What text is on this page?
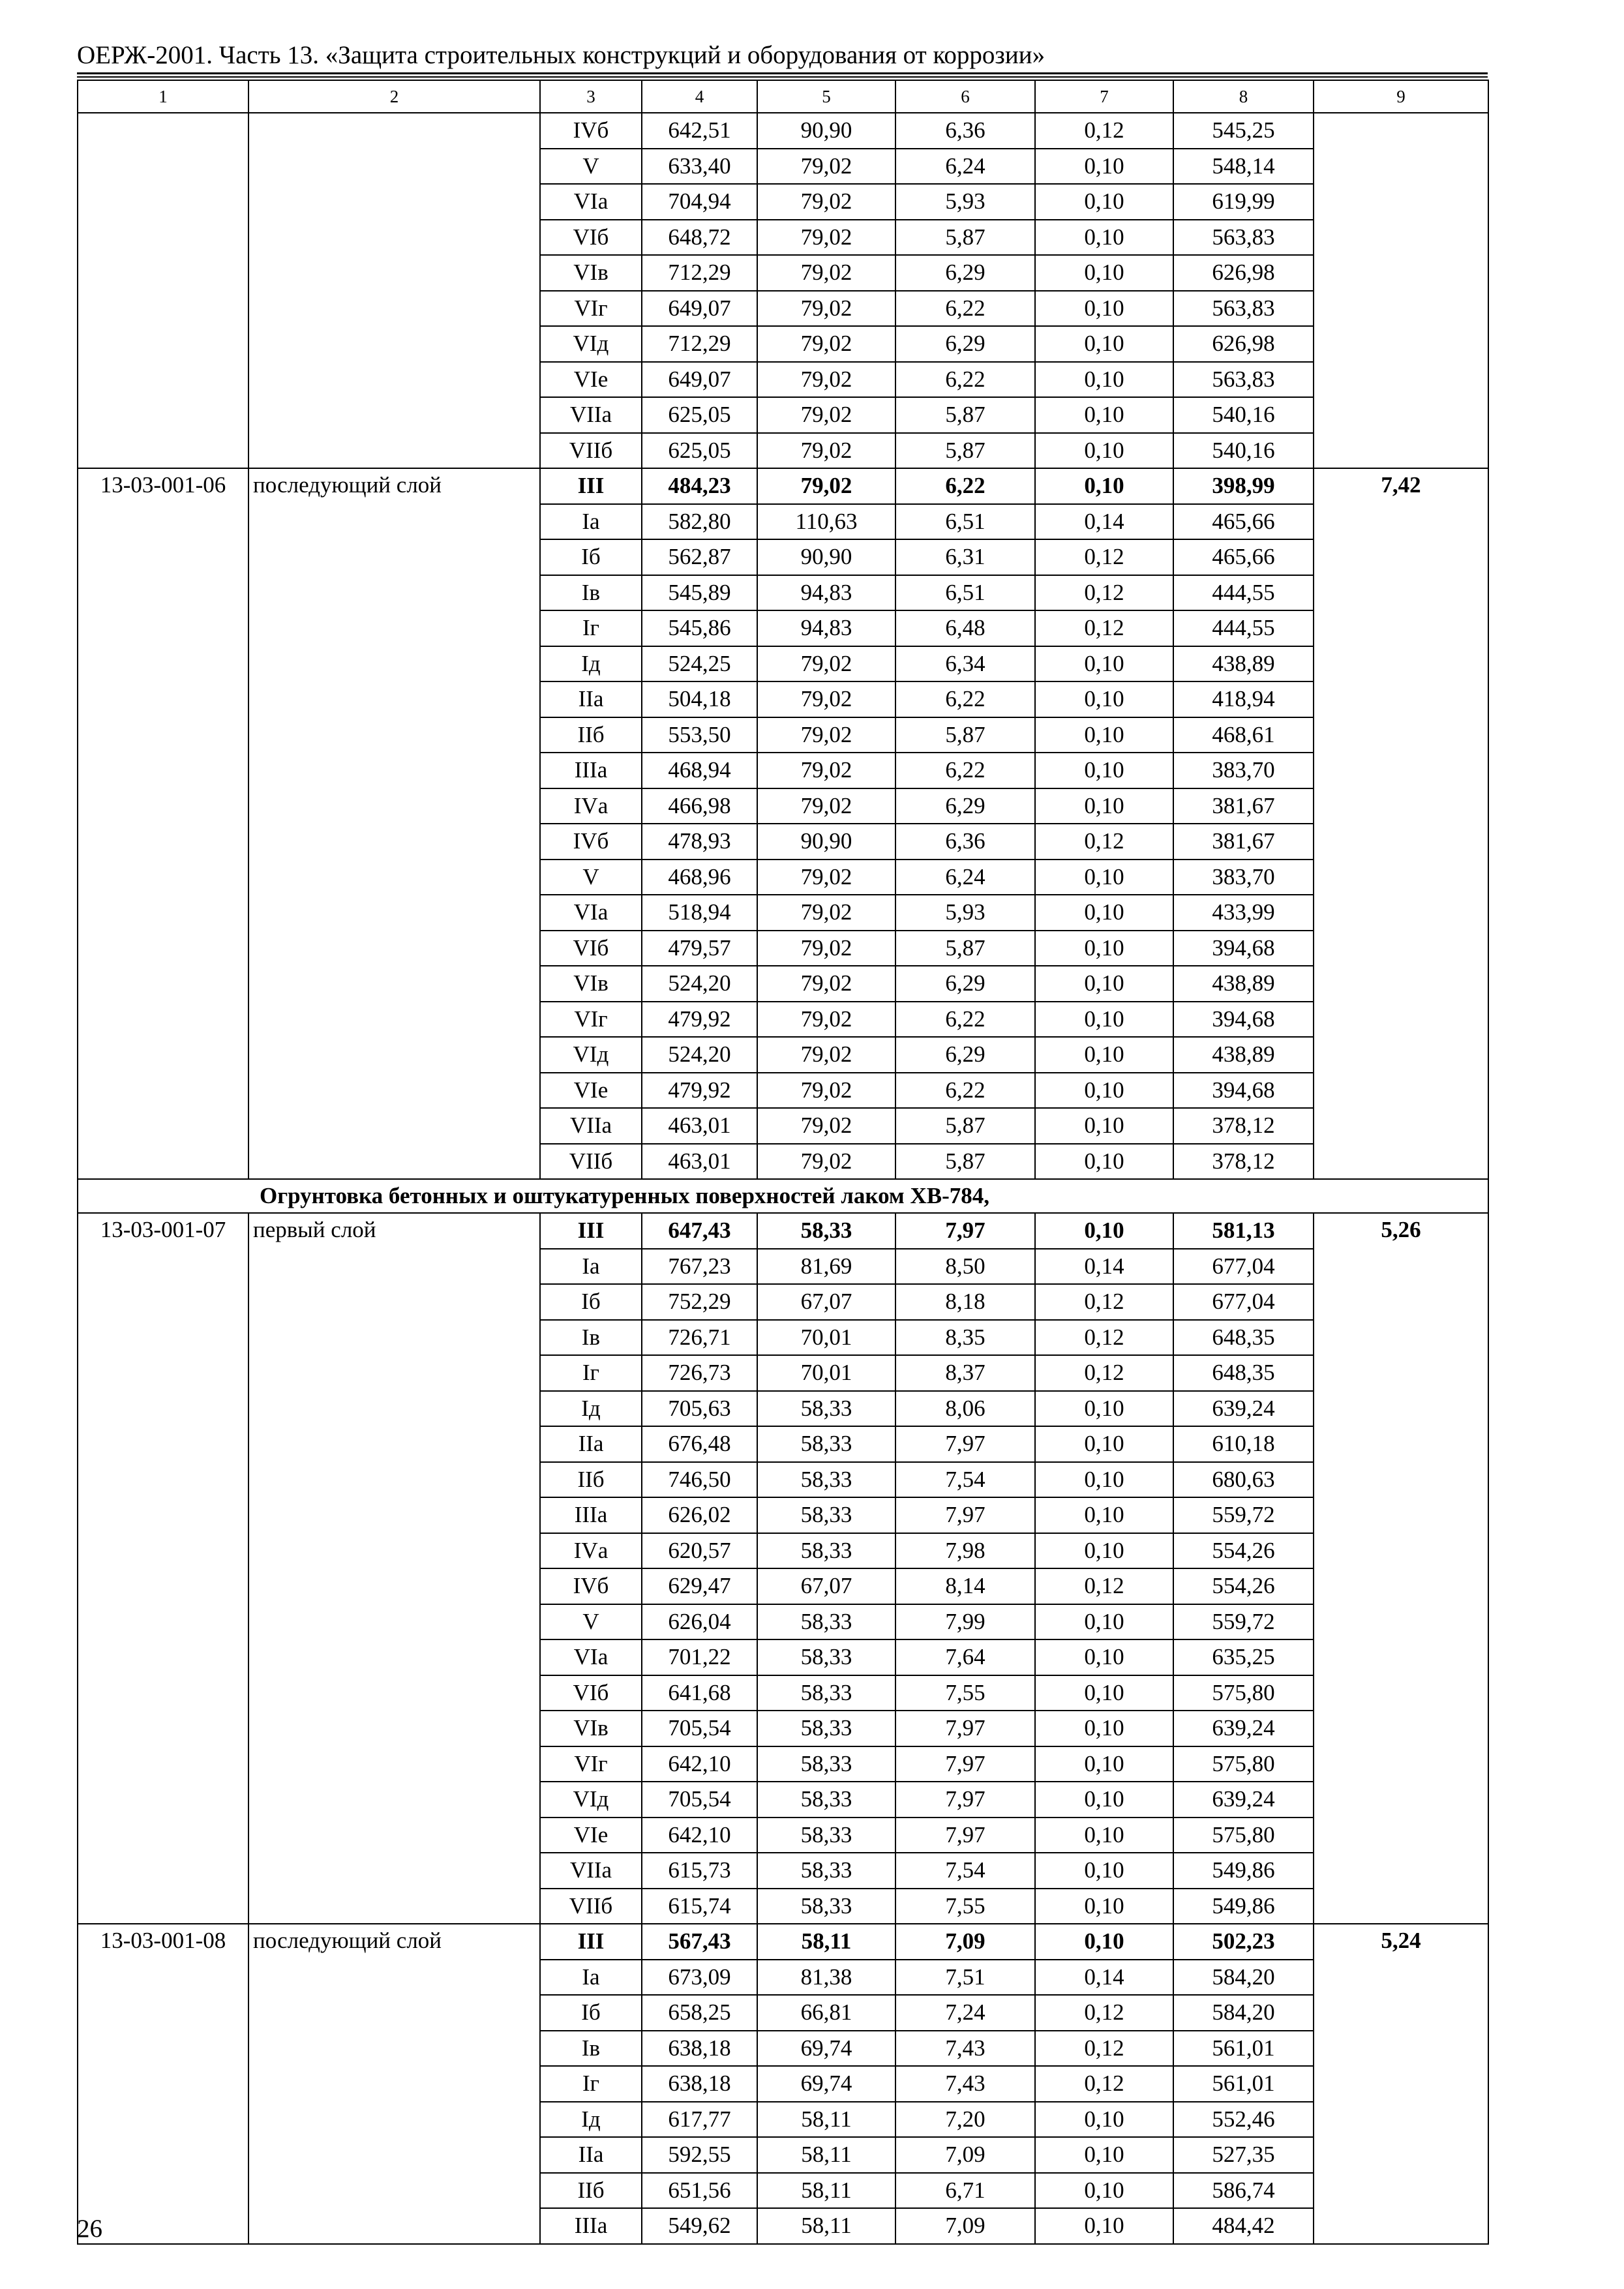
ОЕРЖ-2001. Часть 13. «Защита строительных конструкций и оборудования от коррозии»
1	2	3	4	5	6	7	8	9
		IVб	642,51	90,90	6,36	0,12	545,25	
		V	633,40	79,02	6,24	0,10	548,14	
		VIа	704,94	79,02	5,93	0,10	619,99	
		VIб	648,72	79,02	5,87	0,10	563,83	
		VIв	712,29	79,02	6,29	0,10	626,98	
		VIг	649,07	79,02	6,22	0,10	563,83	
		VIд	712,29	79,02	6,29	0,10	626,98	
		VIе	649,07	79,02	6,22	0,10	563,83	
		VIIа	625,05	79,02	5,87	0,10	540,16	
		VIIб	625,05	79,02	5,87	0,10	540,16	
13-03-001-06	последующий слой	III	484,23	79,02	6,22	0,10	398,99	7,42
		Iа	582,80	110,63	6,51	0,14	465,66	
		Iб	562,87	90,90	6,31	0,12	465,66	
		Iв	545,89	94,83	6,51	0,12	444,55	
		Iг	545,86	94,83	6,48	0,12	444,55	
		Iд	524,25	79,02	6,34	0,10	438,89	
		IIа	504,18	79,02	6,22	0,10	418,94	
		IIб	553,50	79,02	5,87	0,10	468,61	
		IIIа	468,94	79,02	6,22	0,10	383,70	
		IVа	466,98	79,02	6,29	0,10	381,67	
		IVб	478,93	90,90	6,36	0,12	381,67	
		V	468,96	79,02	6,24	0,10	383,70	
		VIа	518,94	79,02	5,93	0,10	433,99	
		VIб	479,57	79,02	5,87	0,10	394,68	
		VIв	524,20	79,02	6,29	0,10	438,89	
		VIг	479,92	79,02	6,22	0,10	394,68	
		VIд	524,20	79,02	6,29	0,10	438,89	
		VIе	479,92	79,02	6,22	0,10	394,68	
		VIIа	463,01	79,02	5,87	0,10	378,12	
		VIIб	463,01	79,02	5,87	0,10	378,12	
Огрунтовка бетонных и оштукатуренных поверхностей лаком ХВ-784,								
13-03-001-07	первый слой	III	647,43	58,33	7,97	0,10	581,13	5,26
		Iа	767,23	81,69	8,50	0,14	677,04	
		Iб	752,29	67,07	8,18	0,12	677,04	
		Iв	726,71	70,01	8,35	0,12	648,35	
		Iг	726,73	70,01	8,37	0,12	648,35	
		Iд	705,63	58,33	8,06	0,10	639,24	
		IIа	676,48	58,33	7,97	0,10	610,18	
		IIб	746,50	58,33	7,54	0,10	680,63	
		IIIа	626,02	58,33	7,97	0,10	559,72	
		IVа	620,57	58,33	7,98	0,10	554,26	
		IVб	629,47	67,07	8,14	0,12	554,26	
		V	626,04	58,33	7,99	0,10	559,72	
		VIа	701,22	58,33	7,64	0,10	635,25	
		VIб	641,68	58,33	7,55	0,10	575,80	
		VIв	705,54	58,33	7,97	0,10	639,24	
		VIг	642,10	58,33	7,97	0,10	575,80	
		VIд	705,54	58,33	7,97	0,10	639,24	
		VIе	642,10	58,33	7,97	0,10	575,80	
		VIIа	615,73	58,33	7,54	0,10	549,86	
		VIIб	615,74	58,33	7,55	0,10	549,86	
13-03-001-08	последующий слой	III	567,43	58,11	7,09	0,10	502,23	5,24
		Iа	673,09	81,38	7,51	0,14	584,20	
		Iб	658,25	66,81	7,24	0,12	584,20	
		Iв	638,18	69,74	7,43	0,12	561,01	
		Iг	638,18	69,74	7,43	0,12	561,01	
		Iд	617,77	58,11	7,20	0,10	552,46	
		IIа	592,55	58,11	7,09	0,10	527,35	
		IIб	651,56	58,11	6,71	0,10	586,74	
		IIIа	549,62	58,11	7,09	0,10	484,42	
26
